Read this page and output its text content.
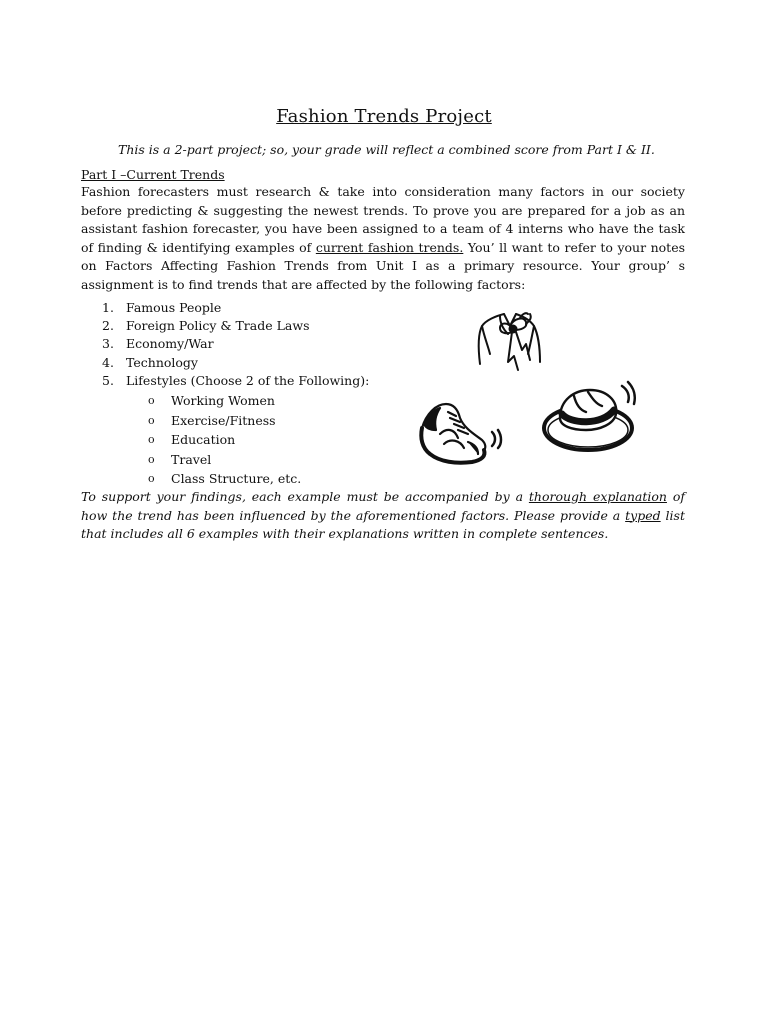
Fashion Trends Project
This is a 2-part project; so, your grade will reflect a combined score from Part I & II.
Part I –Current Trends
Fashion forecasters must research & take into consideration many factors in our society before predicting & suggesting the newest trends. To prove you are prepared for a job as an assistant fashion forecaster, you have been assigned to a team of 4 interns who have the task of finding & identifying examples of current fashion trends. You’ ll want to refer to your notes on Factors Affecting Fashion Trends from Unit I as a primary resource. Your group’ s assignment is to find trends that are affected by the following factors:
1. Famous People
2. Foreign Policy & Trade Laws
3. Economy/War
4. Technology
5. Lifestyles (Choose 2 of the Following):
o	Working Women
o	Exercise/Fitness
o	Education
o	Travel
o	Class Structure, etc.
To support your findings, each example must be accompanied by a thorough explanation of how the trend has been influenced by the aforementioned factors. Please provide a typed list that includes all 6 examples with their explanations written in complete sentences.
